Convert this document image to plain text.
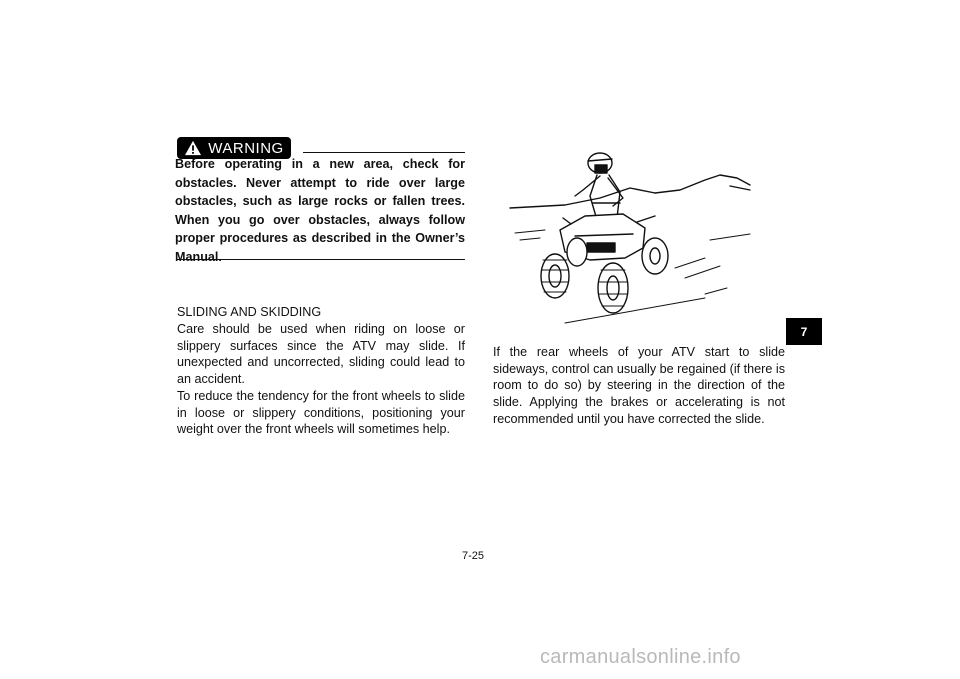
WARNING

Before operating in a new area, check for obstacles. Never attempt to ride over large obstacles, such as large rocks or fallen trees. When you go over obstacles, always follow proper procedures as described in the Owner’s Manual.

SLIDING AND SKIDDING

Care should be used when riding on loose or slippery surfaces since the ATV may slide. If unexpected and uncorrected, sliding could lead to an accident.

To reduce the tendency for the front wheels to slide in loose or slippery conditions, positioning your weight over the front wheels will sometimes help.

If the rear wheels of your ATV start to slide sideways, control can usually be regained (if there is room to do so) by steering in the direction of the slide. Applying the brakes or accelerating is not recommended until you have corrected the slide.

7

7-25

carmanualsonline.info
